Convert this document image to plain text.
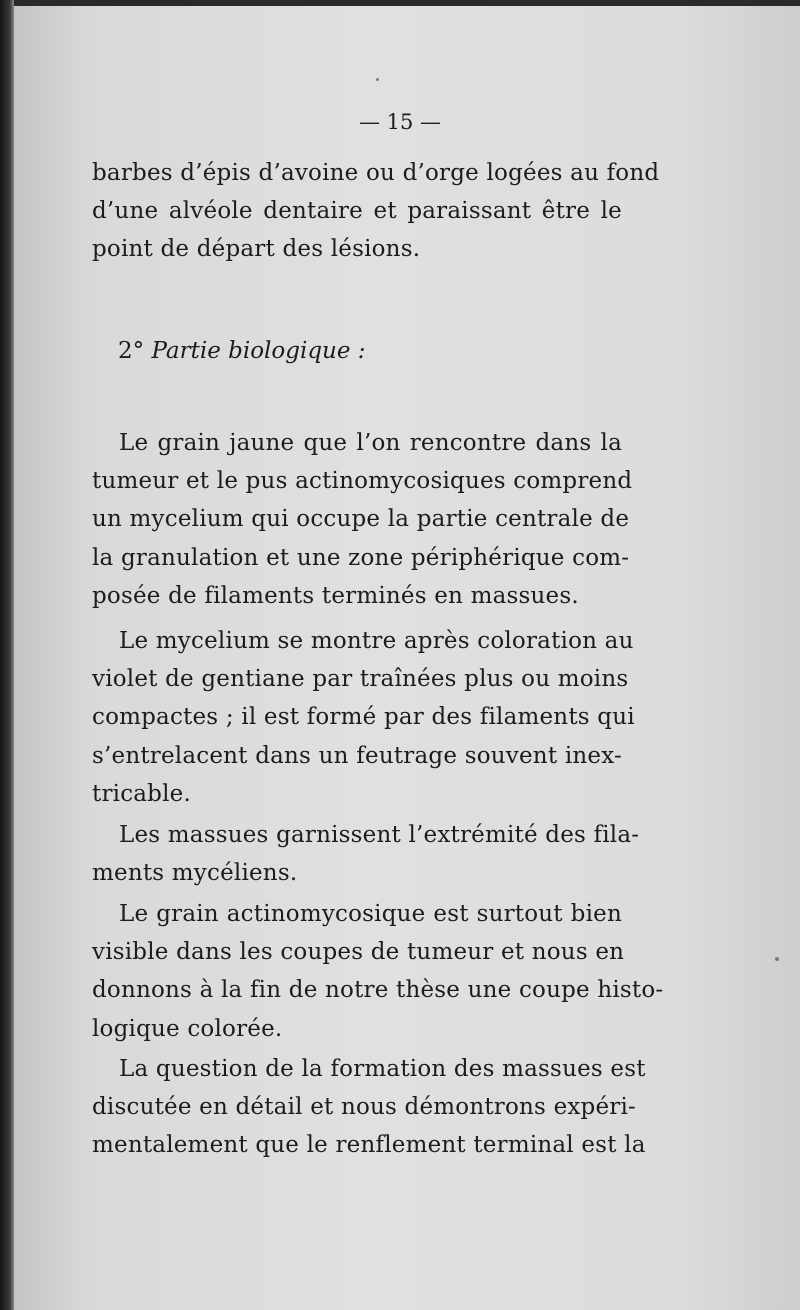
— 15 —
barbes d’épis d’avoine ou d’orge logées au fond
d’une alvéole dentaire et paraissant être le
point de départ des lésions.
2° Partie biologique :
Le grain jaune que l’on rencontre dans la
tumeur et le pus actinomycosiques comprend
un mycelium qui occupe la partie centrale de
la granulation et une zone périphérique com-
posée de filaments terminés en massues.
Le mycelium se montre après coloration au
violet de gentiane par traînées plus ou moins
compactes ; il est formé par des filaments qui
s’entrelacent dans un feutrage souvent inex-
tricable.
Les massues garnissent l’extrémité des fila-
ments mycéliens.
Le grain actinomycosique est surtout bien
visible dans les coupes de tumeur et nous en
donnons à la fin de notre thèse une coupe histo-
logique colorée.
La question de la formation des massues est
discutée en détail et nous démontrons expéri-
mentalement que le renflement terminal est la
